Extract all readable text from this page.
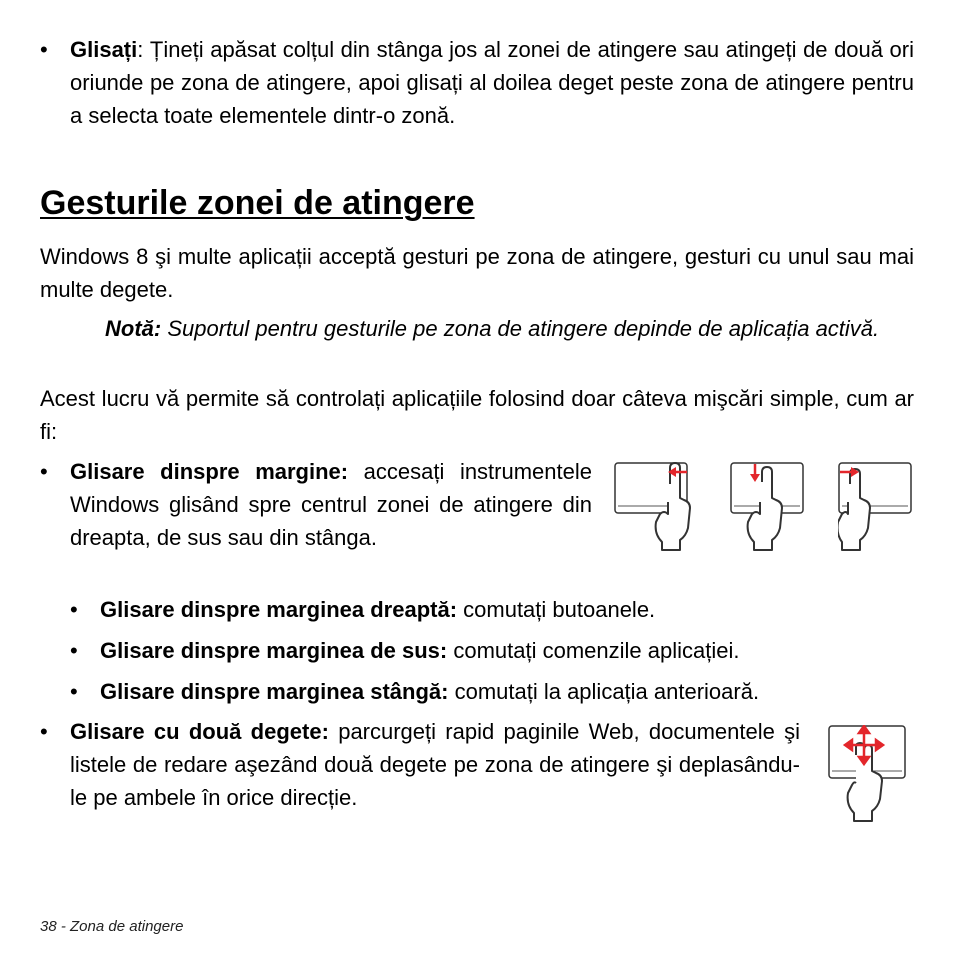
• Glisați: Țineți apăsat colțul din stânga jos al zonei de atingere sau atingeți de două ori oriunde pe zona de atingere, apoi glisați al doilea deget peste zona de atingere pentru a selecta toate elementele dintr-o zonă.
Gesturile zonei de atingere

Windows 8 şi multe aplicații acceptă gesturi pe zona de atingere, gesturi cu unul sau mai multe degete.

Notă: Suportul pentru gesturile pe zona de atingere depinde de aplicația activă.

Acest lucru vă permite să controlați aplicațiile folosind doar câteva mişcări simple, cum ar fi:

• Glisare dinspre margine: accesați instrumentele Windows glisând spre centrul zonei de atingere din dreapta, de sus sau din stânga.
• Glisare dinspre marginea dreaptă: comutați butoanele.
• Glisare dinspre marginea de sus: comutați comenzile aplicației.
• Glisare dinspre marginea stângă: comutați la aplicația anterioară.
• Glisare cu două degete: parcurgeți rapid paginile Web, documentele şi listele de redare aşezând două degete pe zona de atingere şi deplasându-le pe ambele în orice direcție.
38 - Zona de atingere
